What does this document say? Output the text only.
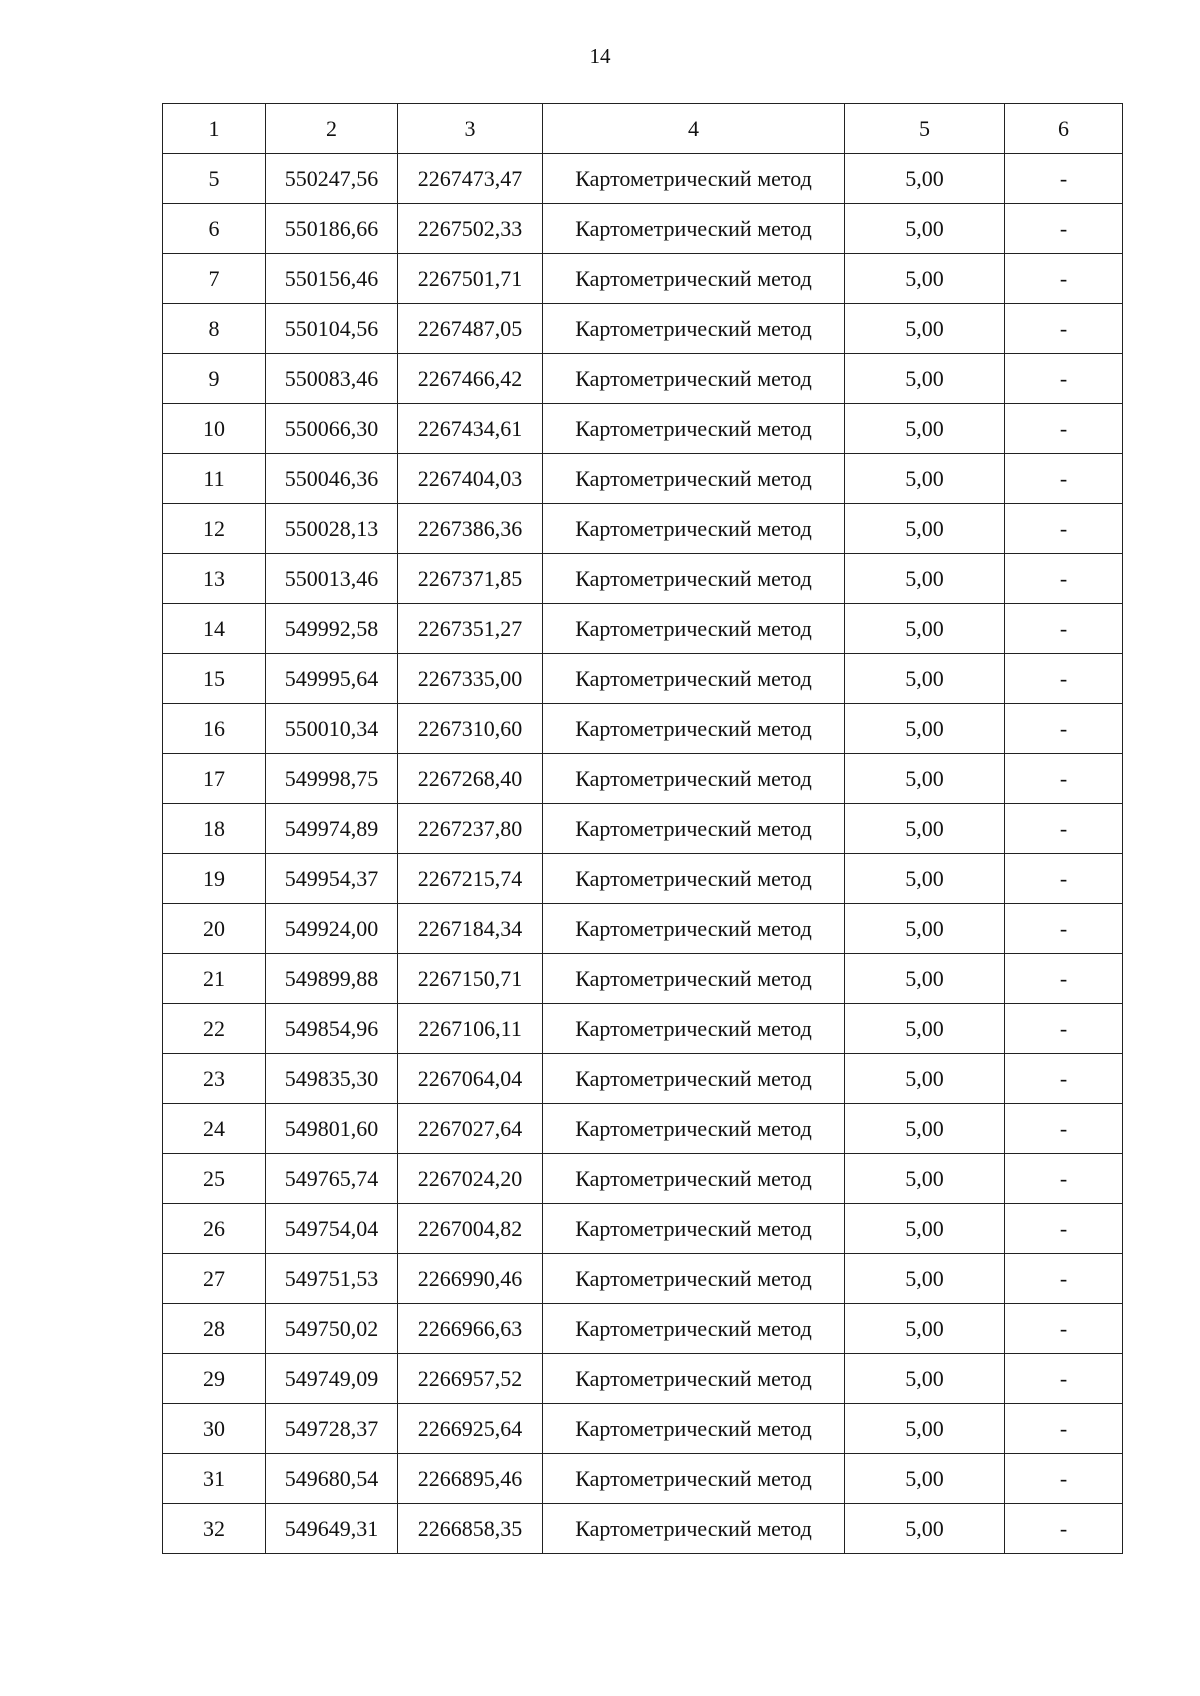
14
1	2	3	4	5	6
5	550247,56	2267473,47	Картометрический метод	5,00	-
6	550186,66	2267502,33	Картометрический метод	5,00	-
7	550156,46	2267501,71	Картометрический метод	5,00	-
8	550104,56	2267487,05	Картометрический метод	5,00	-
9	550083,46	2267466,42	Картометрический метод	5,00	-
10	550066,30	2267434,61	Картометрический метод	5,00	-
11	550046,36	2267404,03	Картометрический метод	5,00	-
12	550028,13	2267386,36	Картометрический метод	5,00	-
13	550013,46	2267371,85	Картометрический метод	5,00	-
14	549992,58	2267351,27	Картометрический метод	5,00	-
15	549995,64	2267335,00	Картометрический метод	5,00	-
16	550010,34	2267310,60	Картометрический метод	5,00	-
17	549998,75	2267268,40	Картометрический метод	5,00	-
18	549974,89	2267237,80	Картометрический метод	5,00	-
19	549954,37	2267215,74	Картометрический метод	5,00	-
20	549924,00	2267184,34	Картометрический метод	5,00	-
21	549899,88	2267150,71	Картометрический метод	5,00	-
22	549854,96	2267106,11	Картометрический метод	5,00	-
23	549835,30	2267064,04	Картометрический метод	5,00	-
24	549801,60	2267027,64	Картометрический метод	5,00	-
25	549765,74	2267024,20	Картометрический метод	5,00	-
26	549754,04	2267004,82	Картометрический метод	5,00	-
27	549751,53	2266990,46	Картометрический метод	5,00	-
28	549750,02	2266966,63	Картометрический метод	5,00	-
29	549749,09	2266957,52	Картометрический метод	5,00	-
30	549728,37	2266925,64	Картометрический метод	5,00	-
31	549680,54	2266895,46	Картометрический метод	5,00	-
32	549649,31	2266858,35	Картометрический метод	5,00	-
